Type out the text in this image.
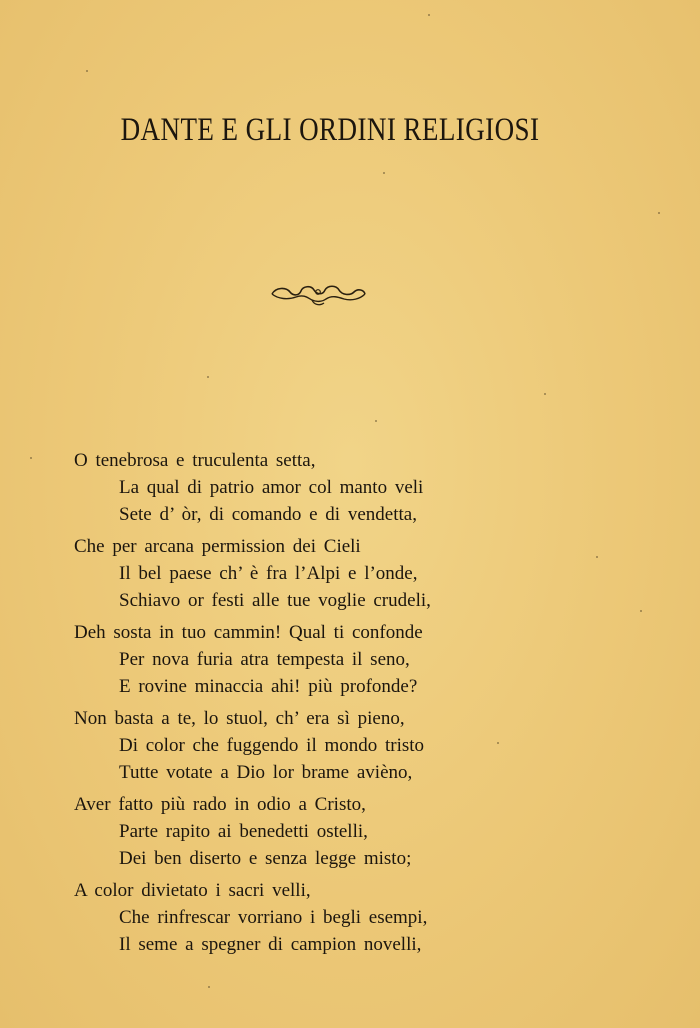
DANTE E GLI ORDINI RELIGIOSI
O tenebrosa e truculenta setta,
La qual di patrio amor col manto veli
Sete d’ òr, di comando e di vendetta,
Che per arcana permission dei Cieli
Il bel paese ch’ è fra l’Alpi e l’onde,
Schiavo or festi alle tue voglie crudeli,
Deh sosta in tuo cammin! Qual ti confonde
Per nova furia atra tempesta il seno,
E rovine minaccia ahi! più profonde?
Non basta a te, lo stuol, ch’ era sì pieno,
Di color che fuggendo il mondo tristo
Tutte votate a Dio lor brame avièno,
Aver fatto più rado in odio a Cristo,
Parte rapito ai benedetti ostelli,
Dei ben diserto e senza legge misto;
A color divietato i sacri velli,
Che rinfrescar vorriano i begli esempi,
Il seme a spegner di campion novelli,
